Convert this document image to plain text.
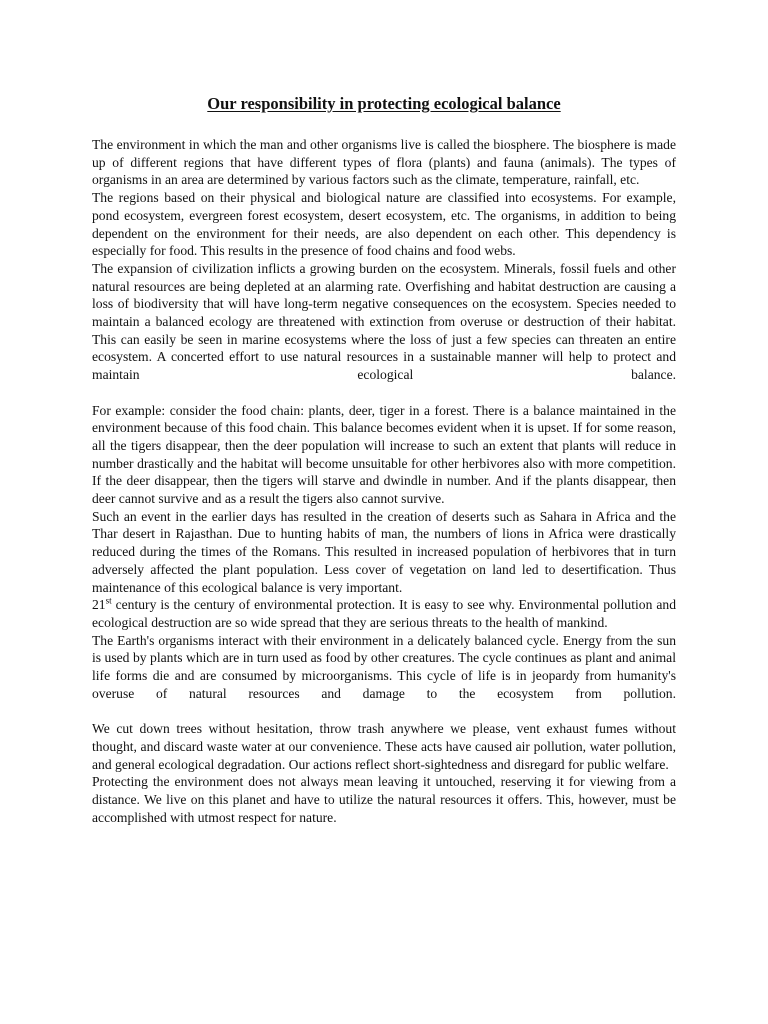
Our responsibility in protecting ecological balance

The environment in which the man and other organisms live is called the biosphere. The biosphere is made up of different regions that have different types of flora (plants) and fauna (animals). The types of organisms in an area are determined by various factors such as the climate, temperature, rainfall, etc.

The regions based on their physical and biological nature are classified into ecosystems. For example, pond ecosystem, evergreen forest ecosystem, desert ecosystem, etc. The organisms, in addition to being dependent on the environment for their needs, are also dependent on each other. This dependency is especially for food. This results in the presence of food chains and food webs.

The expansion of civilization inflicts a growing burden on the ecosystem. Minerals, fossil fuels and other natural resources are being depleted at an alarming rate. Overfishing and habitat destruction are causing a loss of biodiversity that will have long-term negative consequences on the ecosystem. Species needed to maintain a balanced ecology are threatened with extinction from overuse or destruction of their habitat. This can easily be seen in marine ecosystems where the loss of just a few species can threaten an entire ecosystem. A concerted effort to use natural resources in a sustainable manner will help to protect and maintain ecological balance.

For example: consider the food chain: plants, deer, tiger in a forest. There is a balance maintained in the environment because of this food chain. This balance becomes evident when it is upset. If for some reason, all the tigers disappear, then the deer population will increase to such an extent that plants will reduce in number drastically and the habitat will become unsuitable for other herbivores also with more competition. If the deer disappear, then the tigers will starve and dwindle in number. And if the plants disappear, then deer cannot survive and as a result the tigers also cannot survive.

Such an event in the earlier days has resulted in the creation of deserts such as Sahara in Africa and the Thar desert in Rajasthan. Due to hunting habits of man, the numbers of lions in Africa were drastically reduced during the times of the Romans. This resulted in increased population of herbivores that in turn adversely affected the plant population. Less cover of vegetation on land led to desertification. Thus maintenance of this ecological balance is very important.

21st century is the century of environmental protection. It is easy to see why. Environmental pollution and ecological destruction are so wide spread that they are serious threats to the health of mankind.

The Earth's organisms interact with their environment in a delicately balanced cycle. Energy from the sun is used by plants which are in turn used as food by other creatures. The cycle continues as plant and animal life forms die and are consumed by microorganisms. This cycle of life is in jeopardy from humanity's overuse of natural resources and damage to the ecosystem from pollution.

We cut down trees without hesitation, throw trash anywhere we please, vent exhaust fumes without thought, and discard waste water at our convenience. These acts have caused air pollution, water pollution, and general ecological degradation. Our actions reflect short-sightedness and disregard for public welfare.

Protecting the environment does not always mean leaving it untouched, reserving it for viewing from a distance. We live on this planet and have to utilize the natural resources it offers. This, however, must be accomplished with utmost respect for nature.
